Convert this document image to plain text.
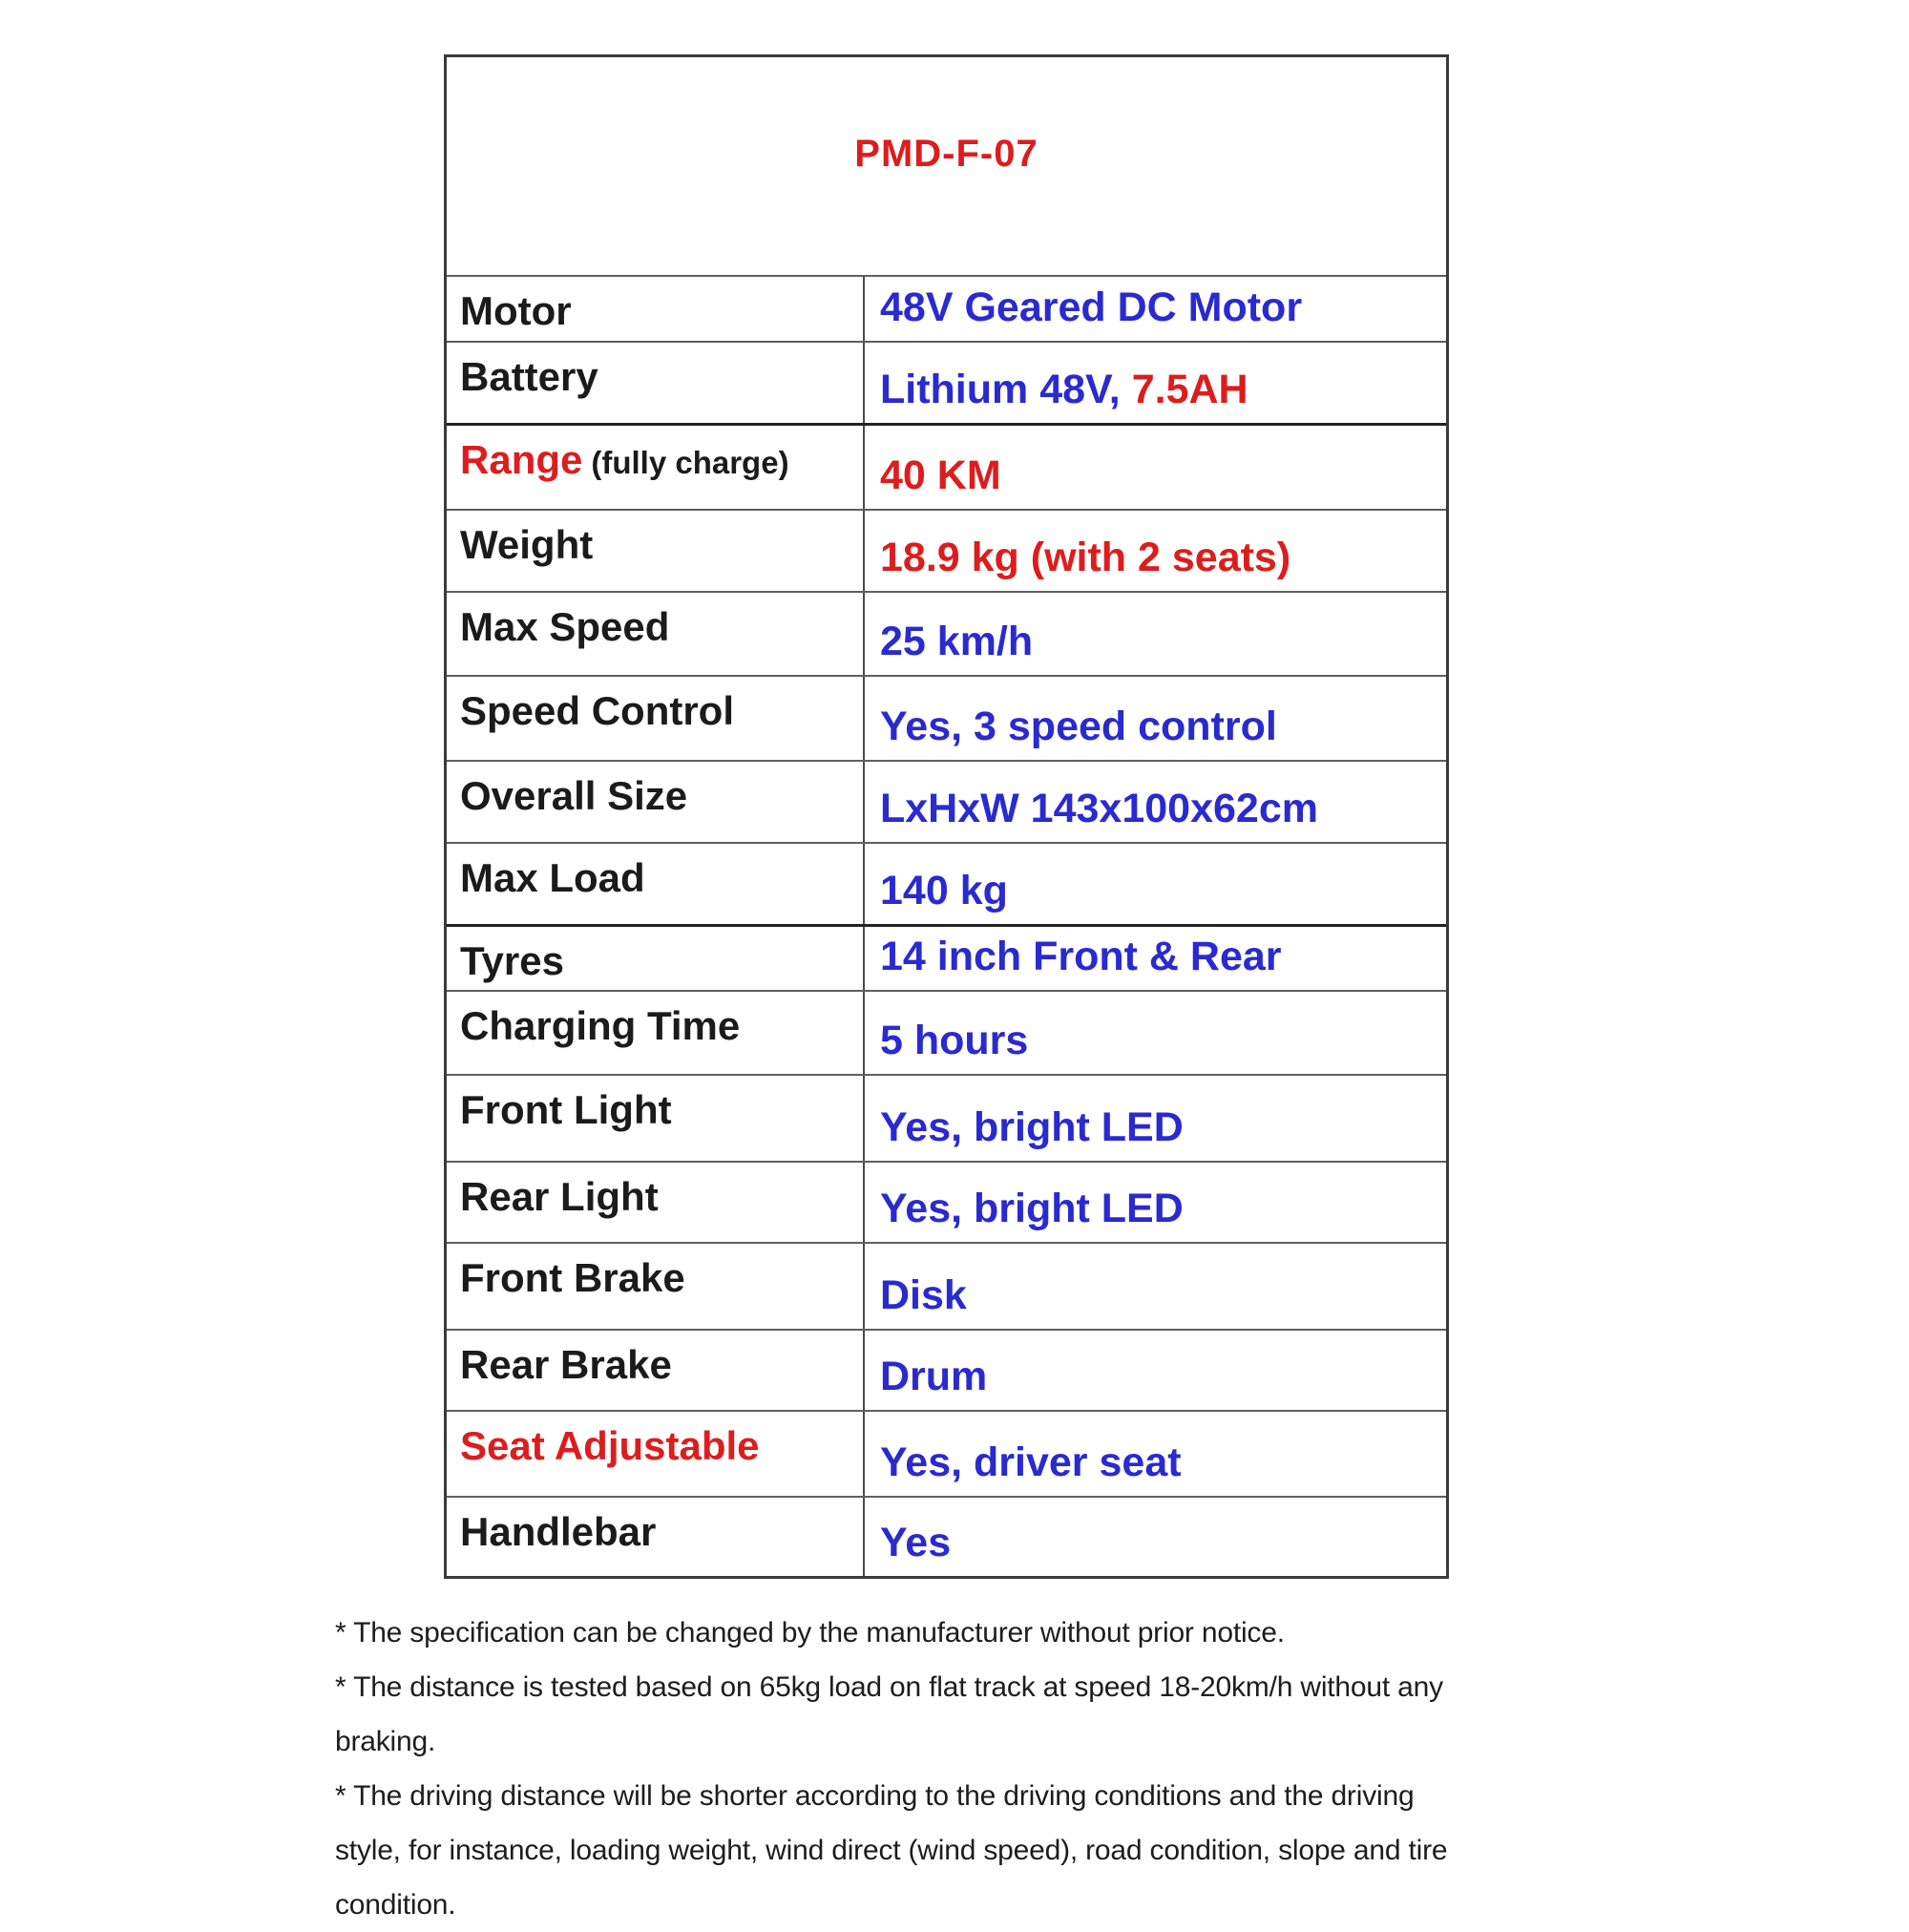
PMD-F-07
Motor	48V Geared DC Motor
Battery	Lithium 48V, 7.5AH
Range (fully charge) 40 KM
Weight	18.9 kg (with 2 seats)
Max Speed	25 km/h
Speed Control	Yes, 3 speed control
Overall Size	LxHxW 143x100x62cm
Max Load	140 kg
Tyres	14 inch Front & Rear
Charging Time	5 hours
Front Light	Yes, bright LED
Rear Light	Yes, bright LED
Front Brake	Disk
Rear Brake	Drum
Seat Adjustable	Yes, driver seat
Handlebar	Yes
* The specification can be changed by the manufacturer without prior notice.
* The distance is tested based on 65kg load on flat track at speed 18-20km/h without any
braking.
* The driving distance will be shorter according to the driving conditions and the driving
style, for instance, loading weight, wind direct (wind speed), road condition, slope and tire
condition.
